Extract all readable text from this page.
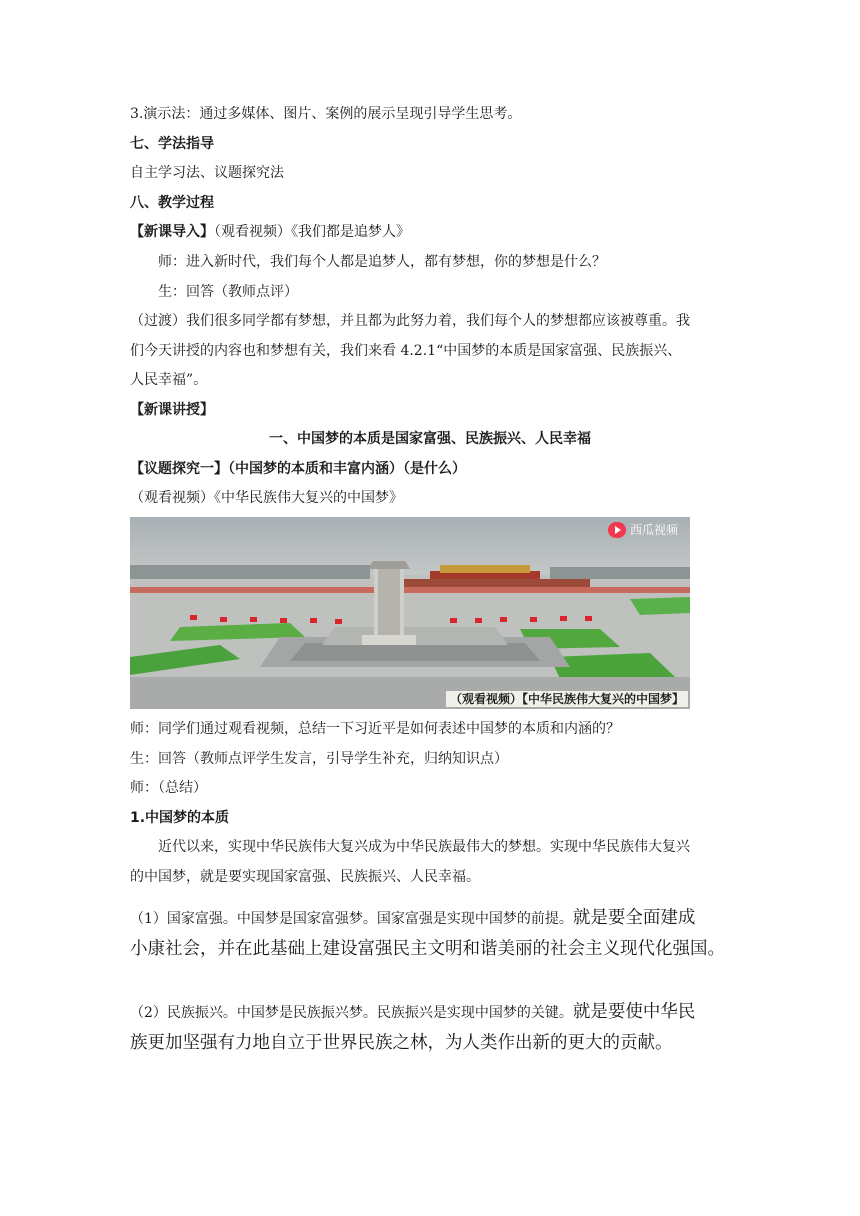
3.演示法：通过多媒体、图片、案例的展示呈现引导学生思考。
七、学法指导
自主学习法、议题探究法
八、教学过程
【新课导入】（观看视频）《我们都是追梦人》
师：进入新时代，我们每个人都是追梦人，都有梦想，你的梦想是什么？
生：回答（教师点评）
（过渡）我们很多同学都有梦想，并且都为此努力着，我们每个人的梦想都应该被尊重。我
们今天讲授的内容也和梦想有关，我们来看 4.2.1“中国梦的本质是国家富强、民族振兴、
人民幸福”。
【新课讲授】
一、中国梦的本质是国家富强、民族振兴、人民幸福
【议题探究一】（中国梦的本质和丰富内涵）（是什么）
（观看视频）《中华民族伟大复兴的中国梦》
西瓜视频
（观看视频）【中华民族伟大复兴的中国梦】
师：同学们通过观看视频，总结一下习近平是如何表述中国梦的本质和内涵的？
生：回答（教师点评学生发言，引导学生补充，归纳知识点）
师：（总结）
1.中国梦的本质
近代以来，实现中华民族伟大复兴成为中华民族最伟大的梦想。实现中华民族伟大复兴
的中国梦，就是要实现国家富强、民族振兴、人民幸福。
（1）国家富强。中国梦是国家富强梦。国家富强是实现中国梦的前提。就是要全面建成
小康社会，并在此基础上建设富强民主文明和谐美丽的社会主义现代化强国。
（2）民族振兴。中国梦是民族振兴梦。民族振兴是实现中国梦的关键。就是要使中华民
族更加坚强有力地自立于世界民族之林，为人类作出新的更大的贡献。
